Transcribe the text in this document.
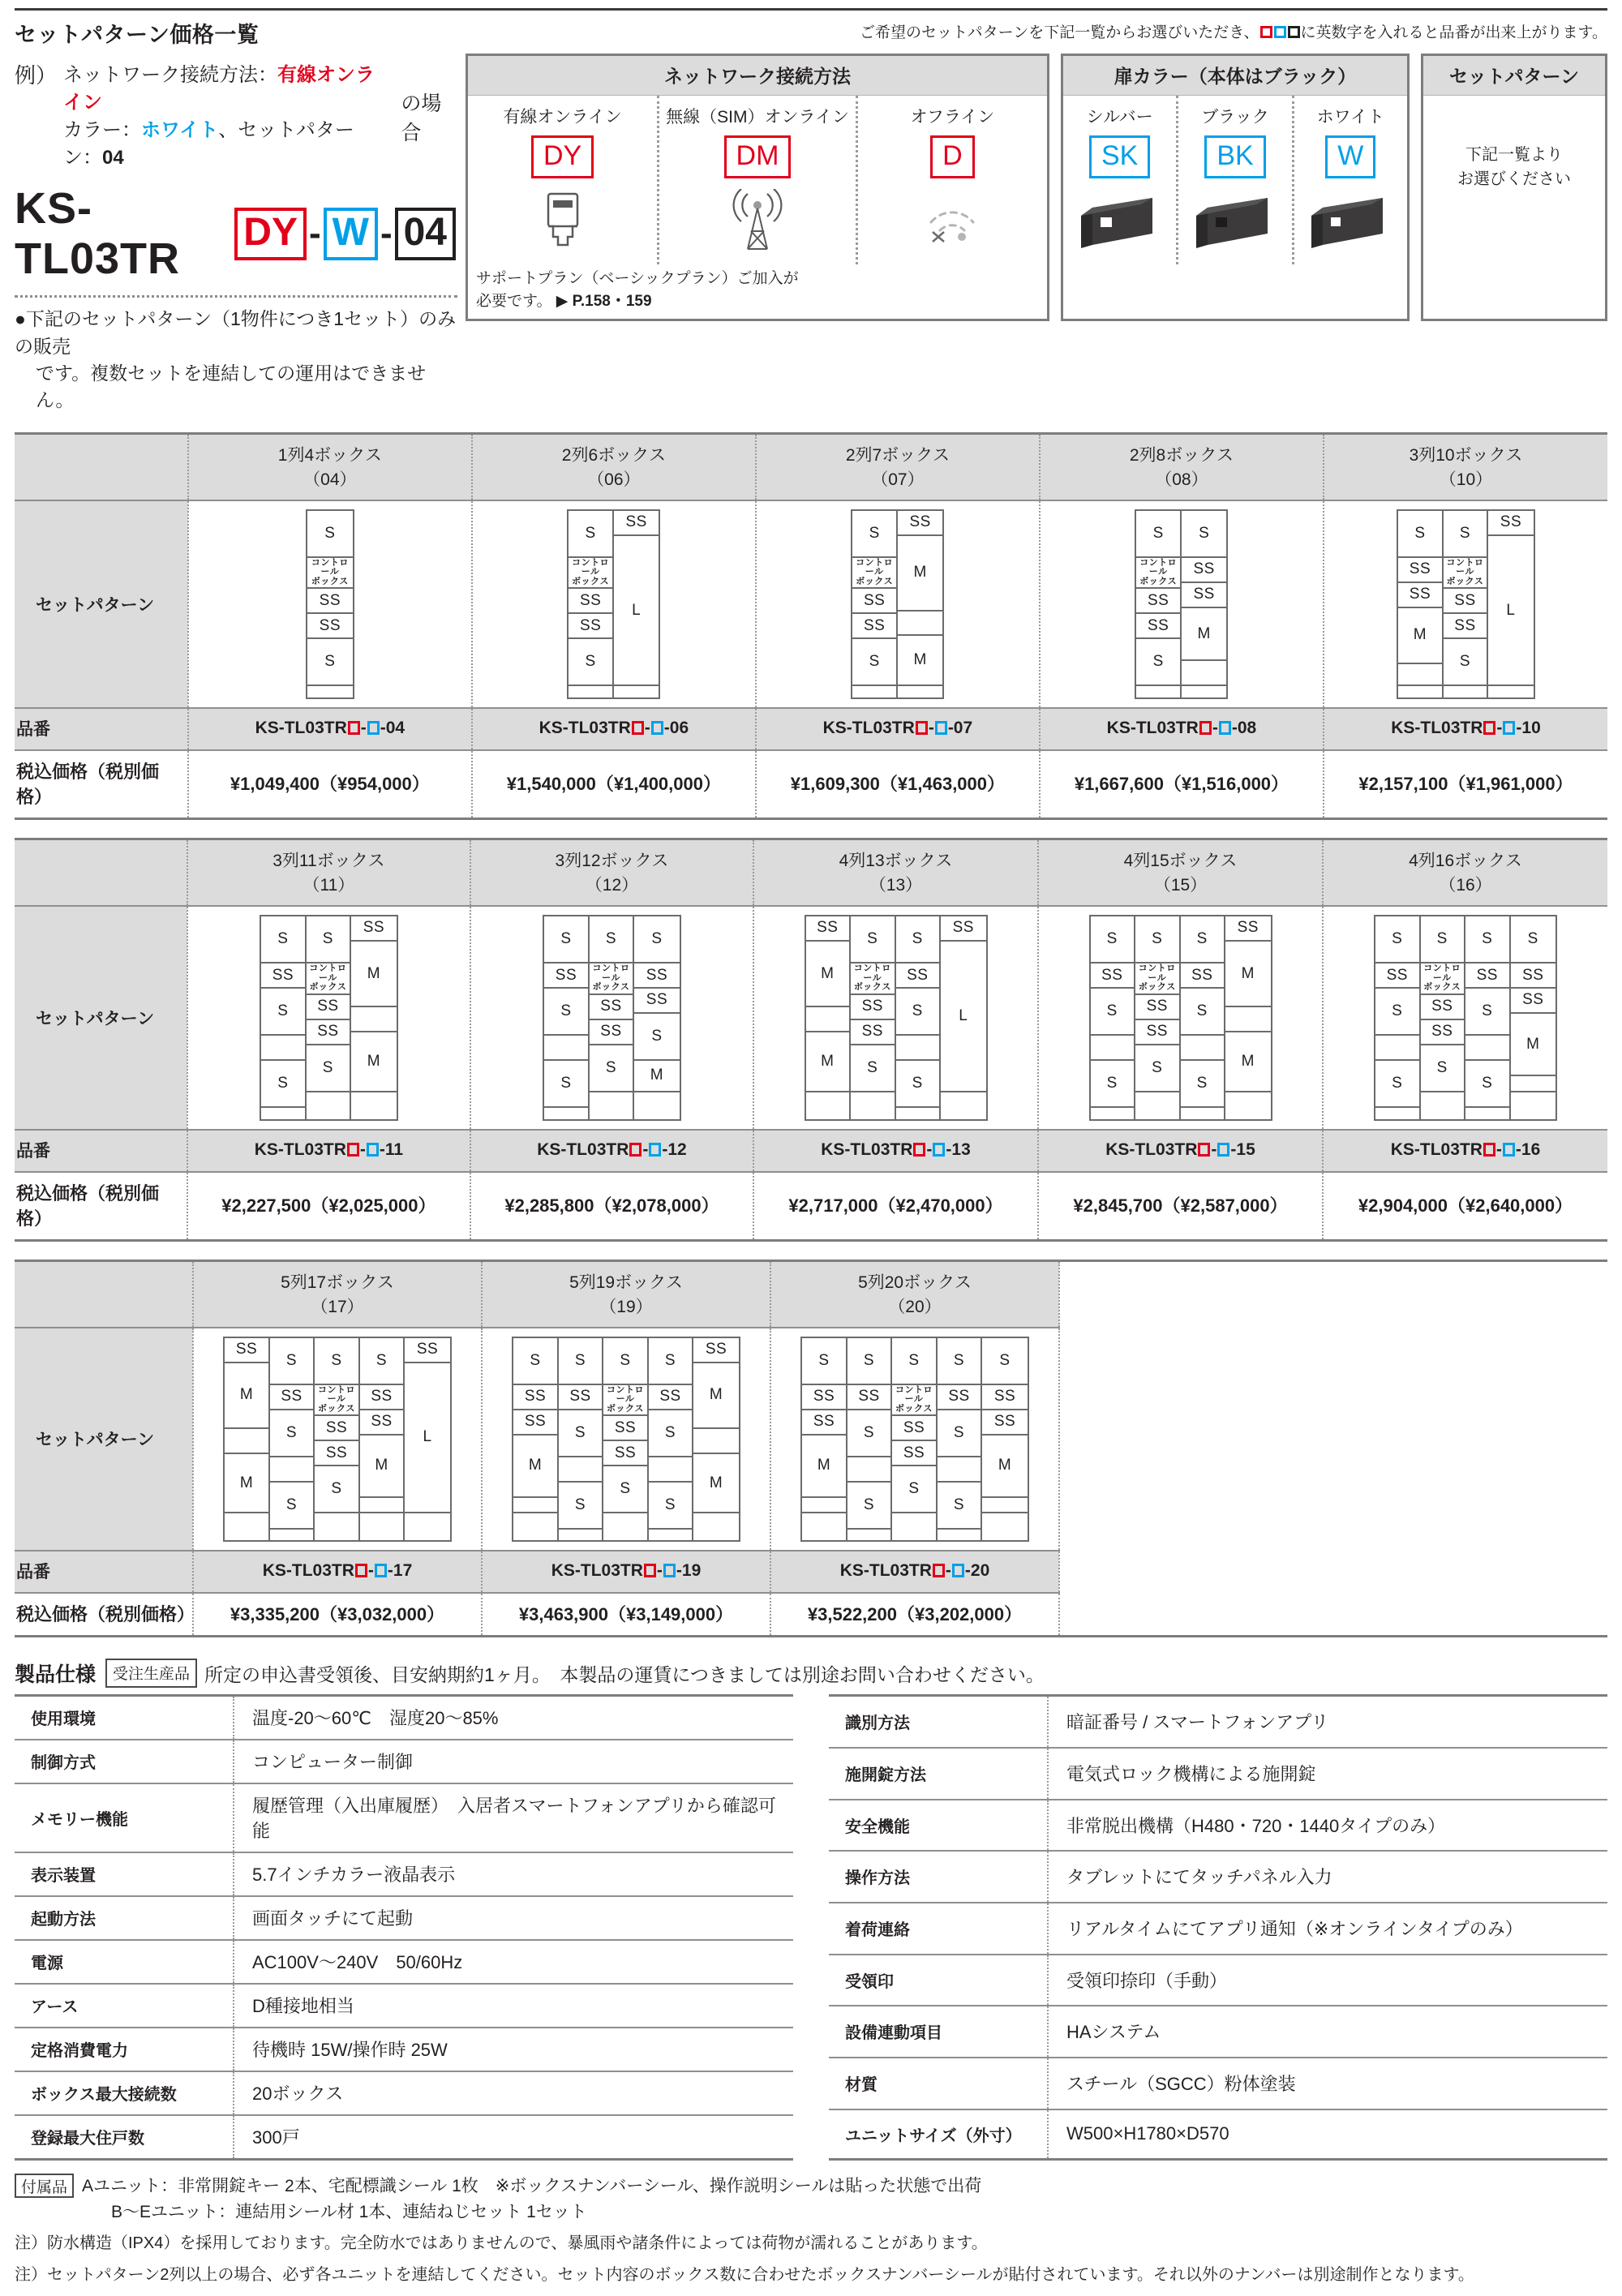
セットパターン価格一覧
例） ネットワーク接続方法：有線オンライン
カラー：ホワイト、セットパターン：04
の場合
KS-TL03TR
DY - W - 04
●下記のセットパターン（1物件につき1セット）のみの販売
です。複数セットを連結しての運用はできません。
ご希望のセットパターンを下記一覧からお選びいただき、	に英数字を入れると品番が出来上がります。
ネットワーク接続方法
有線オンライン
DY
無線（SIM）オンライン
DM
オフライン
D
サポートプラン（ベーシックプラン）ご加入が
必要です。 ▶ P.158・159
扉カラー（本体はブラック）
シルバー
SK
ブラック
BK
ホワイト
W
セットパターン
下記一覧より
お選びください
	1列4ボックス
（04）	2列6ボックス
（06）	2列7ボックス
（07）	2列8ボックス
（08）	3列10ボックス
（10）

セットパターン	
S
コントロール
ボックス
SS
SS
S

S
コントロール
ボックス
SS
SS
S
SS
L

S
コントロール
ボックス
SS
SS
S
SS
M
M

S
コントロール
ボックス
SS
SS
S
S
SS
SS
M

S
SS
SS
M
S
コントロール
ボックス
SS
SS
S
SS
L

品番	KS-TL03TR - -04	KS-TL03TR - -06	KS-TL03TR - -07	KS-TL03TR - -08	KS-TL03TR - -10
税込価格（税別価格）	¥1,049,400（¥954,000）	¥1,540,000（¥1,400,000）	¥1,609,300（¥1,463,000）	¥1,667,600（¥1,516,000）	¥2,157,100（¥1,961,000）
	3列11ボックス
（11）	3列12ボックス
（12）	4列13ボックス
（13）	4列15ボックス
（15）	4列16ボックス
（16）

セットパターン	
S
SS
S
S
S
コントロール
ボックス
SS
SS
S
SS
M
M

S
SS
S
S
S
コントロール
ボックス
SS
SS
S
S
SS
SS
S
M

SS
M
M
S
コントロール
ボックス
SS
SS
S
S
SS
S
S
SS
L

S
SS
S
S
S
コントロール
ボックス
SS
SS
S
S
SS
S
S
SS
M
M

S
SS
S
S
S
コントロール
ボックス
SS
SS
S
S
SS
S
S
S
SS
SS
M

品番	KS-TL03TR - -11	KS-TL03TR - -12	KS-TL03TR - -13	KS-TL03TR - -15	KS-TL03TR - -16
税込価格（税別価格）	¥2,227,500（¥2,025,000）	¥2,285,800（¥2,078,000）	¥2,717,000（¥2,470,000）	¥2,845,700（¥2,587,000）	¥2,904,000（¥2,640,000）
	5列17ボックス
（17）	5列19ボックス
（19）	5列20ボックス
（20）		

セットパターン	
SS
M
M
S
SS
S
S
S
コントロール
ボックス
SS
SS
S
S
SS
SS
M
SS
L

S
SS
SS
M
S
SS
S
S
S
コントロール
ボックス
SS
SS
S
S
SS
S
S
SS
M
M

S
SS
SS
M
S
SS
S
S
S
コントロール
ボックス
SS
SS
S
S
SS
S
S
S
SS
SS
M

品番	KS-TL03TR - -17	KS-TL03TR - -19	KS-TL03TR - -20		
税込価格（税別価格）	¥3,335,200（¥3,032,000）	¥3,463,900（¥3,149,000）	¥3,522,200（¥3,202,000）		
製品仕様	受注生産品 所定の申込書受領後、目安納期約1ヶ月。　本製品の運賃につきましては別途お問い合わせください。
使用環境	温度-20〜60℃　湿度20〜85%
制御方式	コンピューター制御
メモリー機能	履歴管理（入出庫履歴）　入居者スマートフォンアプリから確認可能
表示装置	5.7インチカラー液晶表示
起動方法	画面タッチにて起動
電源	AC100V〜240V　50/60Hz
アース	D種接地相当
定格消費電力	待機時 15W/操作時 25W
ボックス最大接続数	20ボックス
登録最大住戸数	300戸
識別方法	暗証番号 / スマートフォンアプリ
施開錠方法	電気式ロック機構による施開錠
安全機能	非常脱出機構（H480・720・1440タイプのみ）
操作方法	タブレットにてタッチパネル入力
着荷連絡	リアルタイムにてアプリ通知（※オンラインタイプのみ）
受領印	受領印捺印（手動）
設備連動項目	HAシステム
材質	スチール（SGCC）粉体塗装
ユニットサイズ（外寸）	W500×H1780×D570
付属品 Aユニット：非常開錠キー 2本、宅配標識シール 1枚　※ボックスナンバーシール、操作説明シールは貼った状態で出荷
B〜Eユニット：連結用シール材 1本、連結ねじセット 1セット
注）防水構造（IPX4）を採用しております。完全防水ではありませんので、暴風雨や諸条件によっては荷物が濡れることがあります。
注）セットパターン2列以上の場合、必ず各ユニットを連結してください。セット内容のボックス数に合わせたボックスナンバーシールが貼付されています。それ以外のナンバーは別途制作となります。
